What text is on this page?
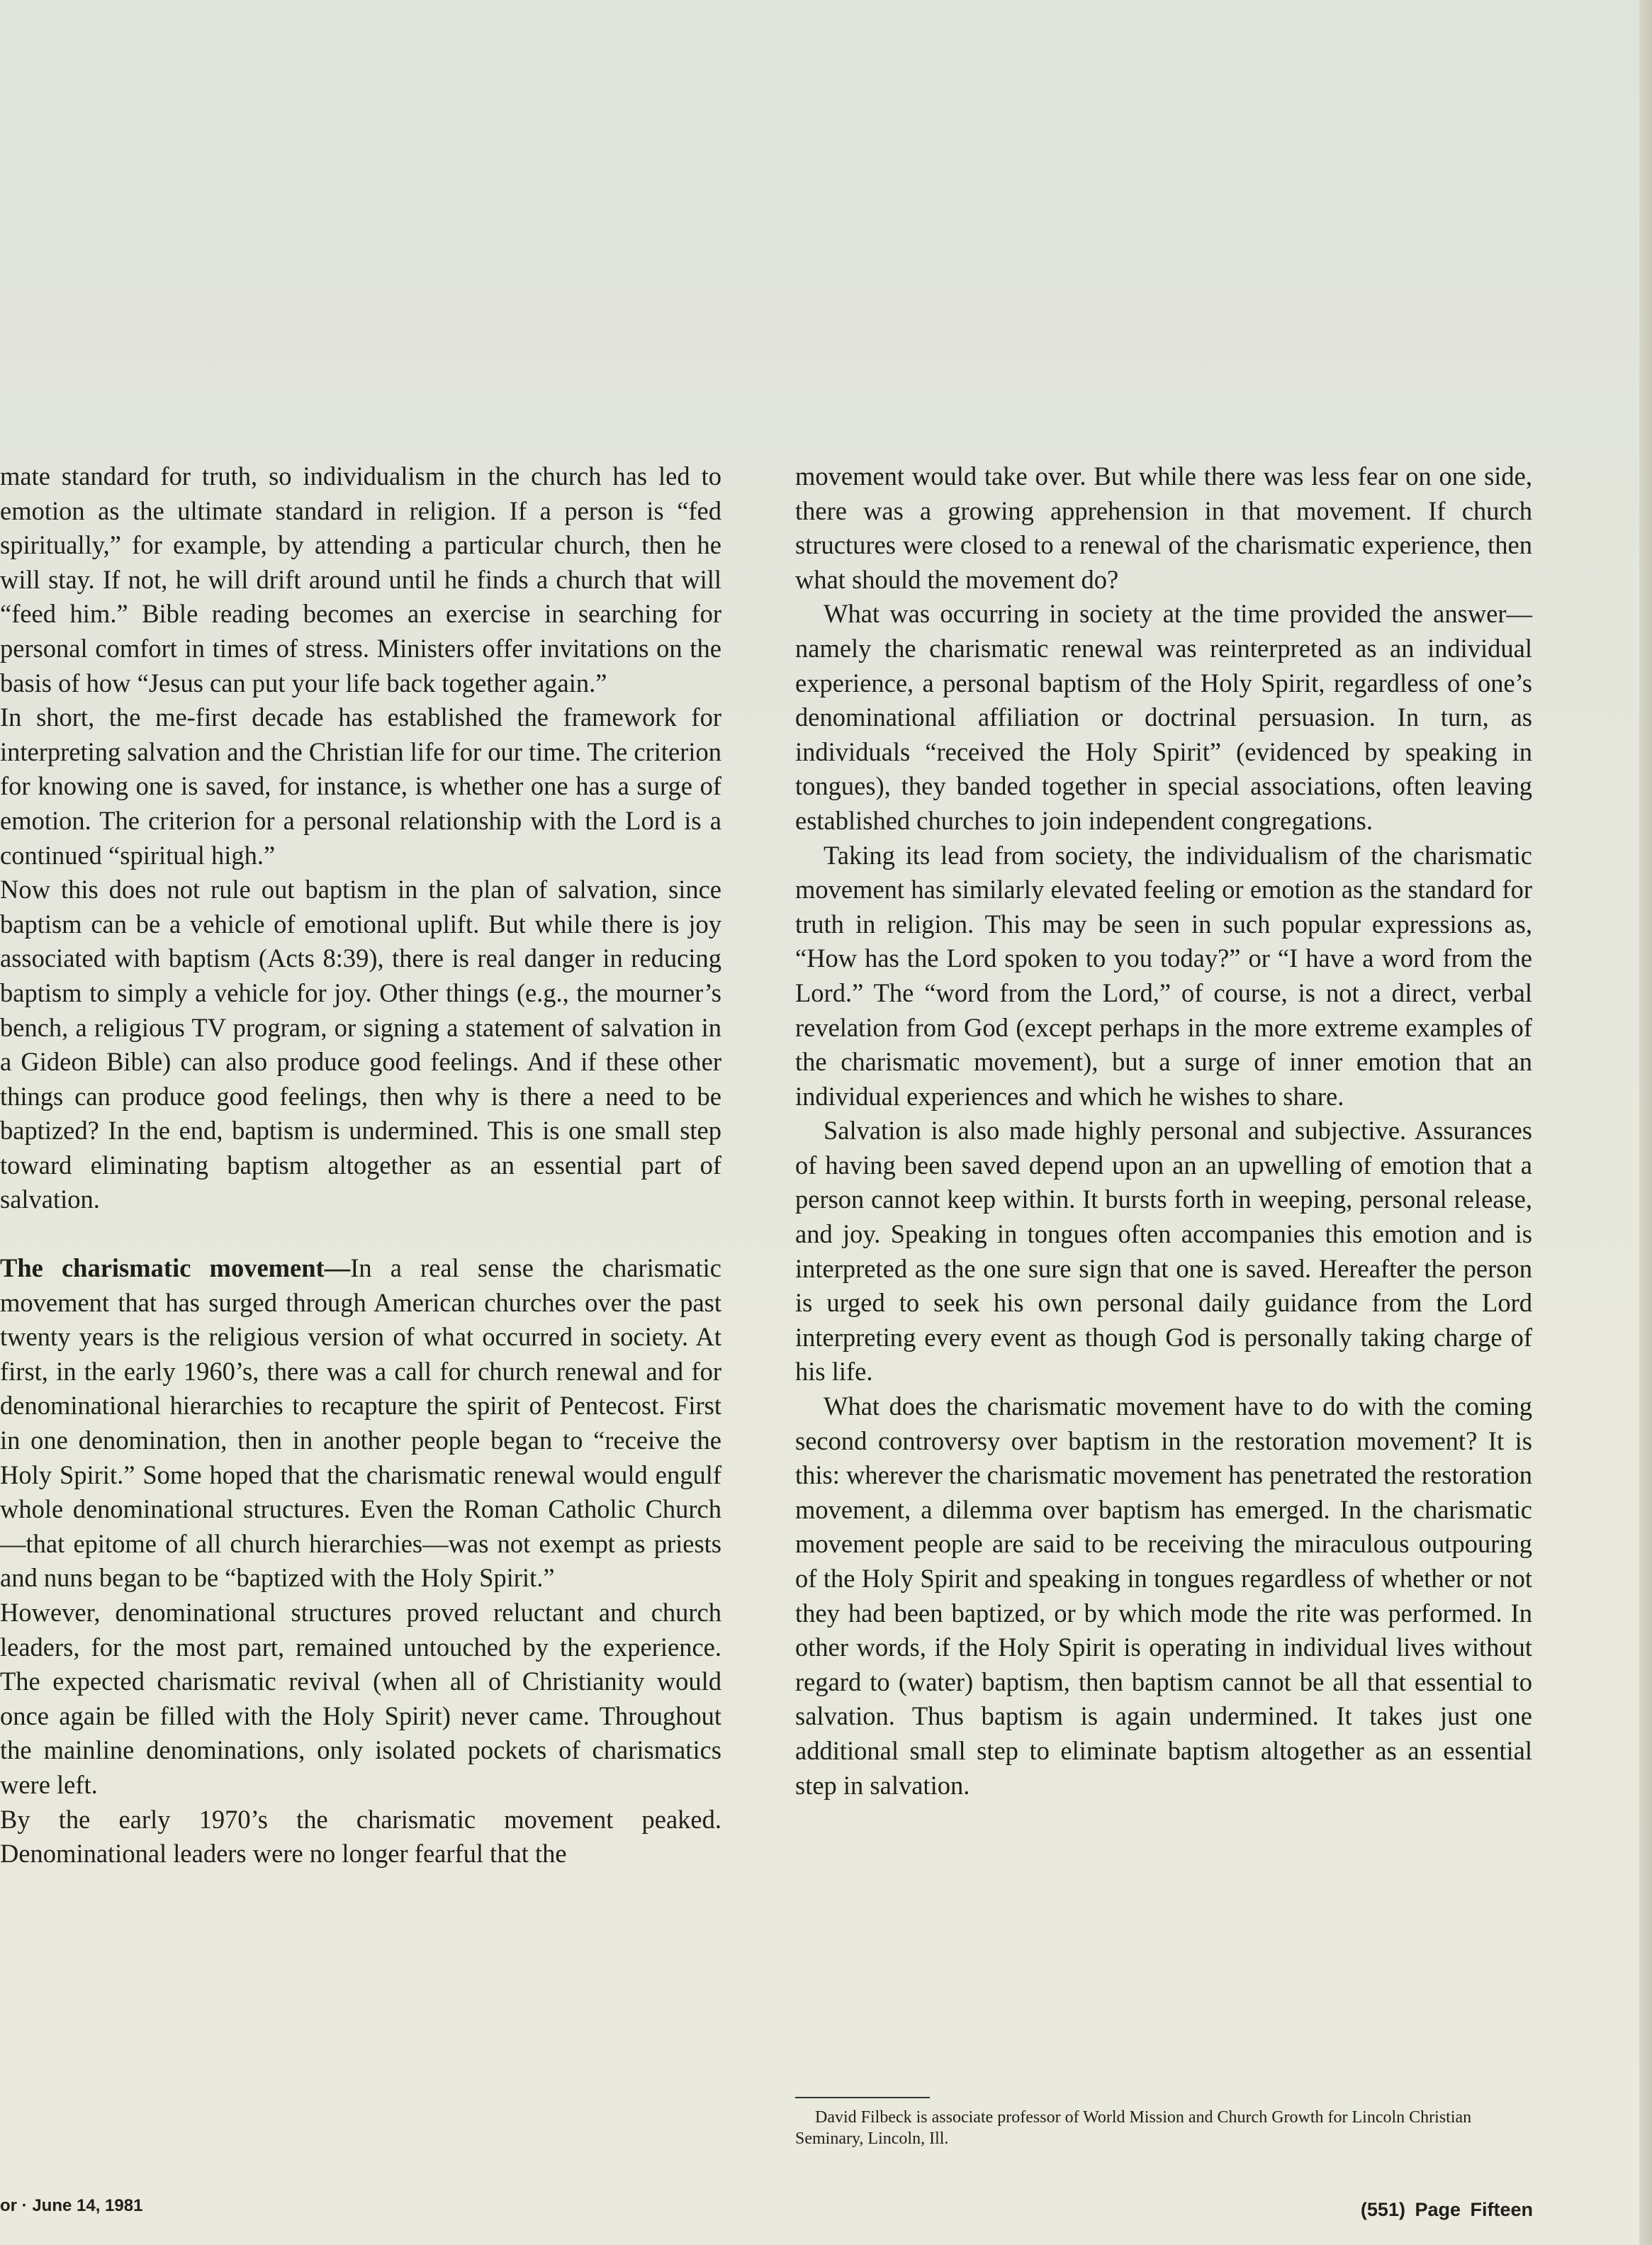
mate standard for truth, so individualism in the church has led to emotion as the ultimate standard in religion. If a person is “fed spiritually,” for example, by attending a particular church, then he will stay. If not, he will drift around until he finds a church that will “feed him.” Bible reading becomes an exercise in searching for personal comfort in times of stress. Ministers offer invitations on the basis of how “Jesus can put your life back together again.”

In short, the me-first decade has established the framework for interpreting salvation and the Christian life for our time. The criterion for knowing one is saved, for instance, is whether one has a surge of emotion. The criterion for a personal relationship with the Lord is a continued “spiritual high.”

Now this does not rule out baptism in the plan of salvation, since baptism can be a vehicle of emotional uplift. But while there is joy associated with baptism (Acts 8:39), there is real danger in reducing baptism to simply a vehicle for joy. Other things (e.g., the mourner’s bench, a religious TV program, or signing a statement of salvation in a Gideon Bible) can also produce good feelings. And if these other things can produce good feelings, then why is there a need to be baptized? In the end, baptism is undermined. This is one small step toward eliminating baptism altogether as an essential part of salvation.

The charismatic movement—In a real sense the charismatic movement that has surged through American churches over the past twenty years is the religious version of what occurred in society. At first, in the early 1960’s, there was a call for church renewal and for denominational hierarchies to recapture the spirit of Pentecost. First in one denomination, then in another people began to “receive the Holy Spirit.” Some hoped that the charismatic renewal would engulf whole denominational structures. Even the Roman Catholic Church—that epitome of all church hierarchies—was not exempt as priests and nuns began to be “baptized with the Holy Spirit.”

However, denominational structures proved reluctant and church leaders, for the most part, remained untouched by the experience. The expected charismatic revival (when all of Christianity would once again be filled with the Holy Spirit) never came. Throughout the mainline denominations, only isolated pockets of charismatics were left.

By the early 1970’s the charismatic movement peaked. Denominational leaders were no longer fearful that the

movement would take over. But while there was less fear on one side, there was a growing apprehension in that movement. If church structures were closed to a renewal of the charismatic experience, then what should the movement do?

What was occurring in society at the time provided the answer—namely the charismatic renewal was reinterpreted as an individual experience, a personal baptism of the Holy Spirit, regardless of one’s denominational affiliation or doctrinal persuasion. In turn, as individuals “received the Holy Spirit” (evidenced by speaking in tongues), they banded together in special associations, often leaving established churches to join independent congregations.

Taking its lead from society, the individualism of the charismatic movement has similarly elevated feeling or emotion as the standard for truth in religion. This may be seen in such popular expressions as, “How has the Lord spoken to you today?” or “I have a word from the Lord.” The “word from the Lord,” of course, is not a direct, verbal revelation from God (except perhaps in the more extreme examples of the charismatic movement), but a surge of inner emotion that an individual experiences and which he wishes to share.

Salvation is also made highly personal and subjective. Assurances of having been saved depend upon an an upwelling of emotion that a person cannot keep within. It bursts forth in weeping, personal release, and joy. Speaking in tongues often accompanies this emotion and is interpreted as the one sure sign that one is saved. Hereafter the person is urged to seek his own personal daily guidance from the Lord interpreting every event as though God is personally taking charge of his life.

What does the charismatic movement have to do with the coming second controversy over baptism in the restoration movement? It is this: wherever the charismatic movement has penetrated the restoration movement, a dilemma over baptism has emerged. In the charismatic movement people are said to be receiving the miraculous outpouring of the Holy Spirit and speaking in tongues regardless of whether or not they had been baptized, or by which mode the rite was performed. In other words, if the Holy Spirit is operating in individual lives without regard to (water) baptism, then baptism cannot be all that essential to salvation. Thus baptism is again undermined. It takes just one additional small step to eliminate baptism altogether as an essential step in salvation.

David Filbeck is associate professor of World Mission and Church Growth for Lincoln Christian Seminary, Lincoln, Ill.
or · June 14, 1981	(551) Page Fifteen
